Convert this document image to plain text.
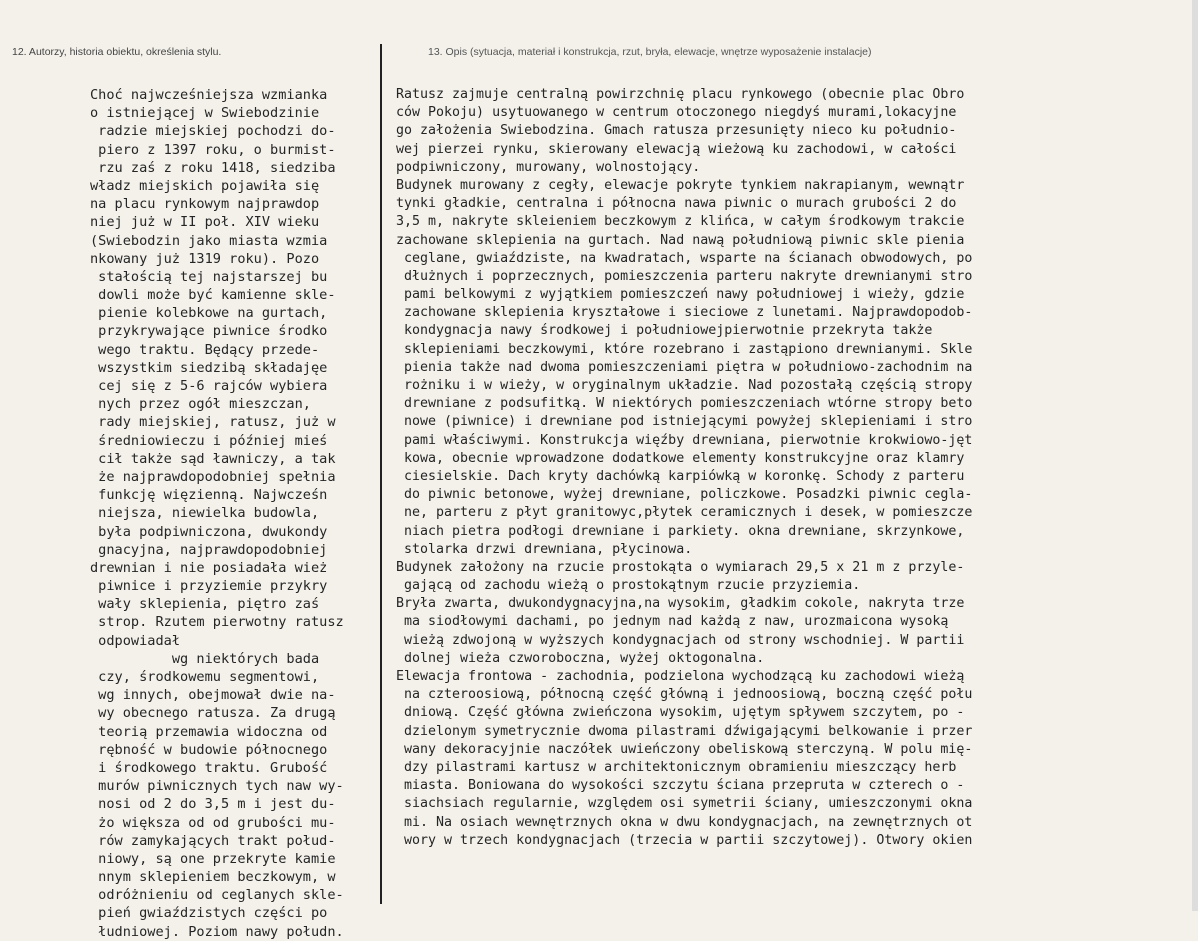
12. Autorzy, historia obiektu, określenia stylu.	13. Opis (sytuacja, materiał i konstrukcja, rzut, bryła, elewacje, wnętrze wyposażenie instalacje)
Choć najwcześniejsza wzmianka
o istniejącej w Swiebodzinie
radzie miejskiej pochodzi do-
piero z 1397 roku, o burmist-
rzu zaś z roku 1418, siedziba
władz miejskich pojawiła się
na placu rynkowym najprawdop
niej już w II poł. XIV wieku
(Swiebodzin jako miasta wzmia
nkowany już 1319 roku). Pozo
stałością tej najstarszej bu
dowli może być kamienne skle-
pienie kolebkowe na gurtach,
przykrywające piwnice środko
wego traktu. Będący przede-
wszystkim siedzibą składajęe
cej się z 5-6 rajców wybiera
nych przez ogół mieszczan,
rady miejskiej, ratusz, już w
średniowieczu i później mieś
cił także sąd ławniczy, a tak
że najprawdopodobniej spełnia
funkcję więzienną. Najwcześn
niejsza, niewielka budowla,
była podpiwniczona, dwukondy
gnacyjna, najprawdopodobniej
drewnian i nie posiadała wież
piwnice i przyziemie przykry
wały sklepienia, piętro zaś
strop. Rzutem pierwotny ratusz
odpowiadał
wg niektórych bada
czy, środkowemu segmentowi,
wg innych, obejmował dwie na-
wy obecnego ratusza. Za drugą
teorią przemawia widoczna od
rębność w budowie północnego
i środkowego traktu. Grubość
murów piwnicznych tych naw wy-
nosi od 2 do 3,5 m i jest du-
żo większa od od grubości mu-
rów zamykających trakt połud-
niowy, są one przekryte kamie
nnym sklepieniem beczkowym, w
odróżnieniu od ceglanych skle-
pień gwiaździstych części po
łudniowej. Poziom nawy połudn.
Ratusz zajmuje centralną powirzchnię placu rynkowego (obecnie plac Obro
ców Pokoju) usytuowanego w centrum otoczonego niegdyś murami,lokacyjne
go założenia Swiebodzina. Gmach ratusza przesunięty nieco ku południo-
wej pierzei rynku, skierowany elewacją wieżową ku zachodowi, w całości
podpiwniczony, murowany, wolnostojący.
Budynek murowany z cegły, elewacje pokryte tynkiem nakrapianym, wewnątr
tynki gładkie, centralna i północna nawa piwnic o murach grubości 2 do
3,5 m, nakryte skleieniem beczkowym z klińca, w całym środkowym trakcie
zachowane sklepienia na gurtach. Nad nawą południową piwnic skle pienia
ceglane, gwiaździste, na kwadratach, wsparte na ścianach obwodowych, po
dłużnych i poprzecznych, pomieszczenia parteru nakryte drewnianymi stro
pami belkowymi z wyjątkiem pomieszczeń nawy południowej i wieży, gdzie
zachowane sklepienia kryształowe i sieciowe z lunetami. Najprawdopodob-
kondygnacja nawy środkowej i południowejpierwotnie przekryta także
sklepieniami beczkowymi, które rozebrano i zastąpiono drewnianymi. Skle
pienia także nad dwoma pomieszczeniami piętra w południowo-zachodnim na
rożniku i w wieży, w oryginalnym układzie. Nad pozostałą częścią stropy
drewniane z podsufitką. W niektórych pomieszczeniach wtórne stropy beto
nowe (piwnice) i drewniane pod istniejącymi powyżej sklepieniami i stro
pami właściwymi. Konstrukcja więźby drewniana, pierwotnie krokwiowo-jęt
kowa, obecnie wprowadzone dodatkowe elementy konstrukcyjne oraz klamry
ciesielskie. Dach kryty dachówką karpiówką w koronkę. Schody z parteru
do piwnic betonowe, wyżej drewniane, policzkowe. Posadzki piwnic cegla-
ne, parteru z płyt granitowyc,płytek ceramicznych i desek, w pomieszcze
niach pietra podłogi drewniane i parkiety. okna drewniane, skrzynkowe,
stolarka drzwi drewniana, płycinowa.
Budynek założony na rzucie prostokąta o wymiarach 29,5 x 21 m z przyle-
gającą od zachodu wieżą o prostokątnym rzucie przyziemia.
Bryła zwarta, dwukondygnacyjna,na wysokim, gładkim cokole, nakryta trze
ma siodłowymi dachami, po jednym nad każdą z naw, urozmaicona wysoką
wieżą zdwojoną w wyższych kondygnacjach od strony wschodniej. W partii
dolnej wieża czworoboczna, wyżej oktogonalna.
Elewacja frontowa - zachodnia, podzielona wychodzącą ku zachodowi wieżą
na czteroosiową, północną część główną i jednoosiową, boczną część połu
dniową. Część główna zwieńczona wysokim, ujętym spływem szczytem, po -
dzielonym symetrycznie dwoma pilastrami dźwigającymi belkowanie i przer
wany dekoracyjnie naczółek uwieńczony obeliskową sterczyną. W polu mię-
dzy pilastrami kartusz w architektonicznym obramieniu mieszczący herb
miasta. Boniowana do wysokości szczytu ściana przepruta w czterech o -
siachsiach regularnie, względem osi symetrii ściany, umieszczonymi okna
mi. Na osiach wewnętrznych okna w dwu kondygnacjach, na zewnętrznych ot
wory w trzech kondygnacjach (trzecia w partii szczytowej). Otwory okien
